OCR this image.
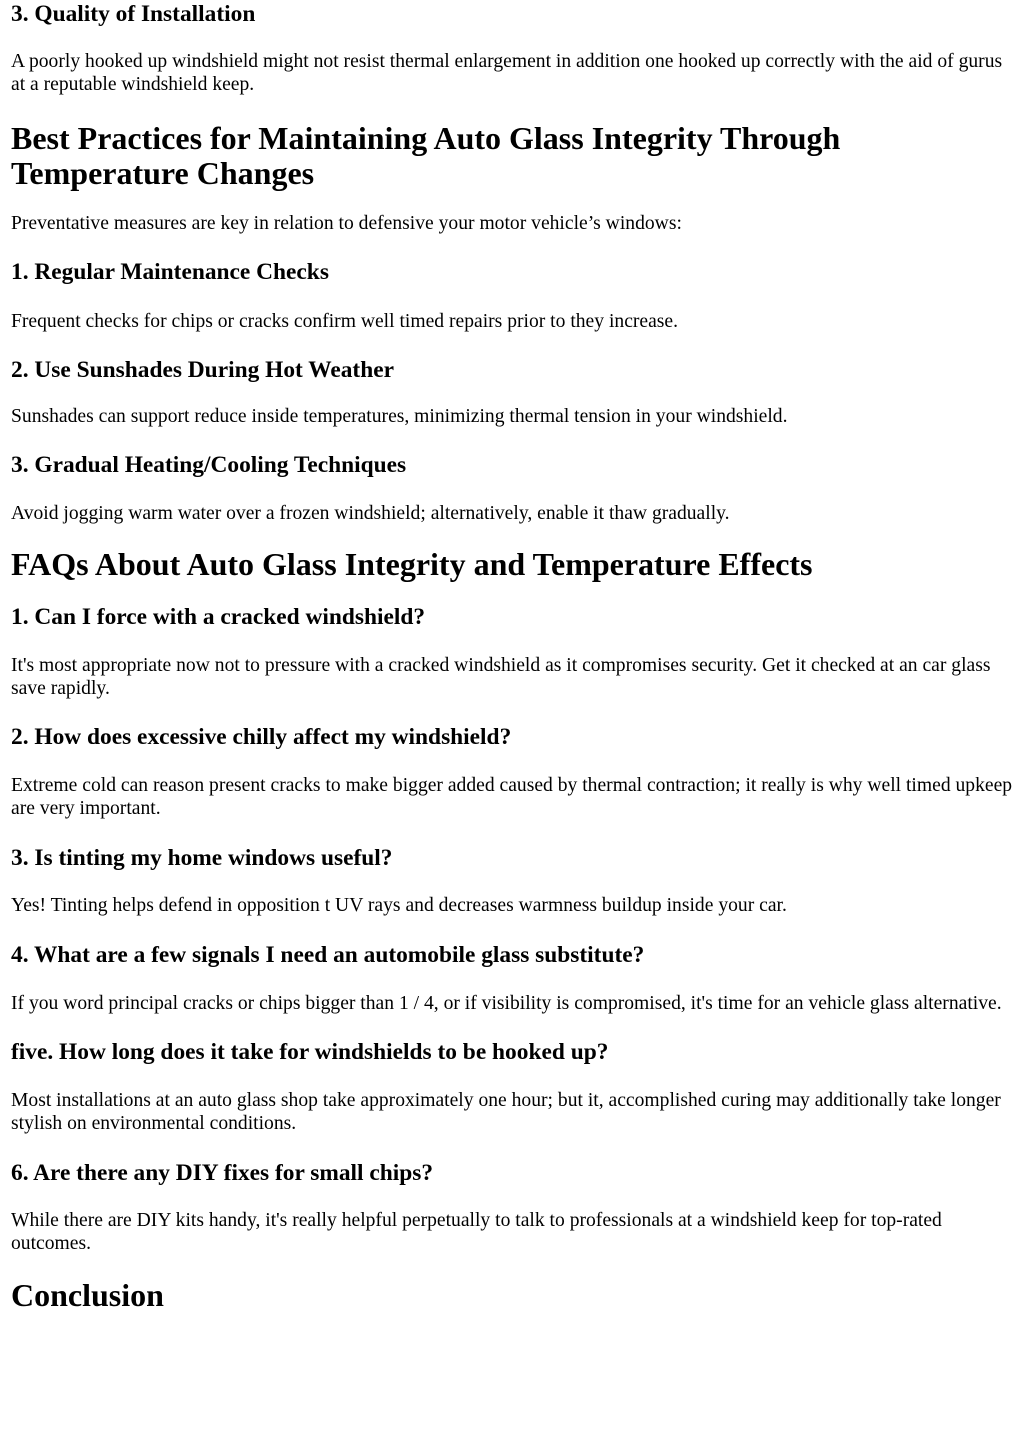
3. Quality of Installation

A poorly hooked up windshield might not resist thermal enlargement in addition one hooked up correctly with the aid of gurus at a reputable windshield keep.

Best Practices for Maintaining Auto Glass Integrity Through Temperature Changes

Preventative measures are key in relation to defensive your motor vehicle’s windows:

1. Regular Maintenance Checks

Frequent checks for chips or cracks confirm well timed repairs prior to they increase.

2. Use Sunshades During Hot Weather

Sunshades can support reduce inside temperatures, minimizing thermal tension in your windshield.

3. Gradual Heating/Cooling Techniques

Avoid jogging warm water over a frozen windshield; alternatively, enable it thaw gradually.

FAQs About Auto Glass Integrity and Temperature Effects
1. Can I force with a cracked windshield?

It's most appropriate now not to pressure with a cracked windshield as it compromises security. Get it checked at an car glass save rapidly.

2. How does excessive chilly affect my windshield?

Extreme cold can reason present cracks to make bigger added caused by thermal contraction; it really is why well timed upkeep are very important.

3. Is tinting my home windows useful?

Yes! Tinting helps defend in opposition t UV rays and decreases warmness buildup inside your car.

4. What are a few signals I need an automobile glass substitute?

If you word principal cracks or chips bigger than 1 / 4, or if visibility is compromised, it's time for an vehicle glass alternative.

five. How long does it take for windshields to be hooked up?

Most installations at an auto glass shop take approximately one hour; but it, accomplished curing may additionally take longer stylish on environmental conditions.

6. Are there any DIY fixes for small chips?

While there are DIY kits handy, it's really helpful perpetually to talk to professionals at a windshield keep for top-rated outcomes.

Conclusion
